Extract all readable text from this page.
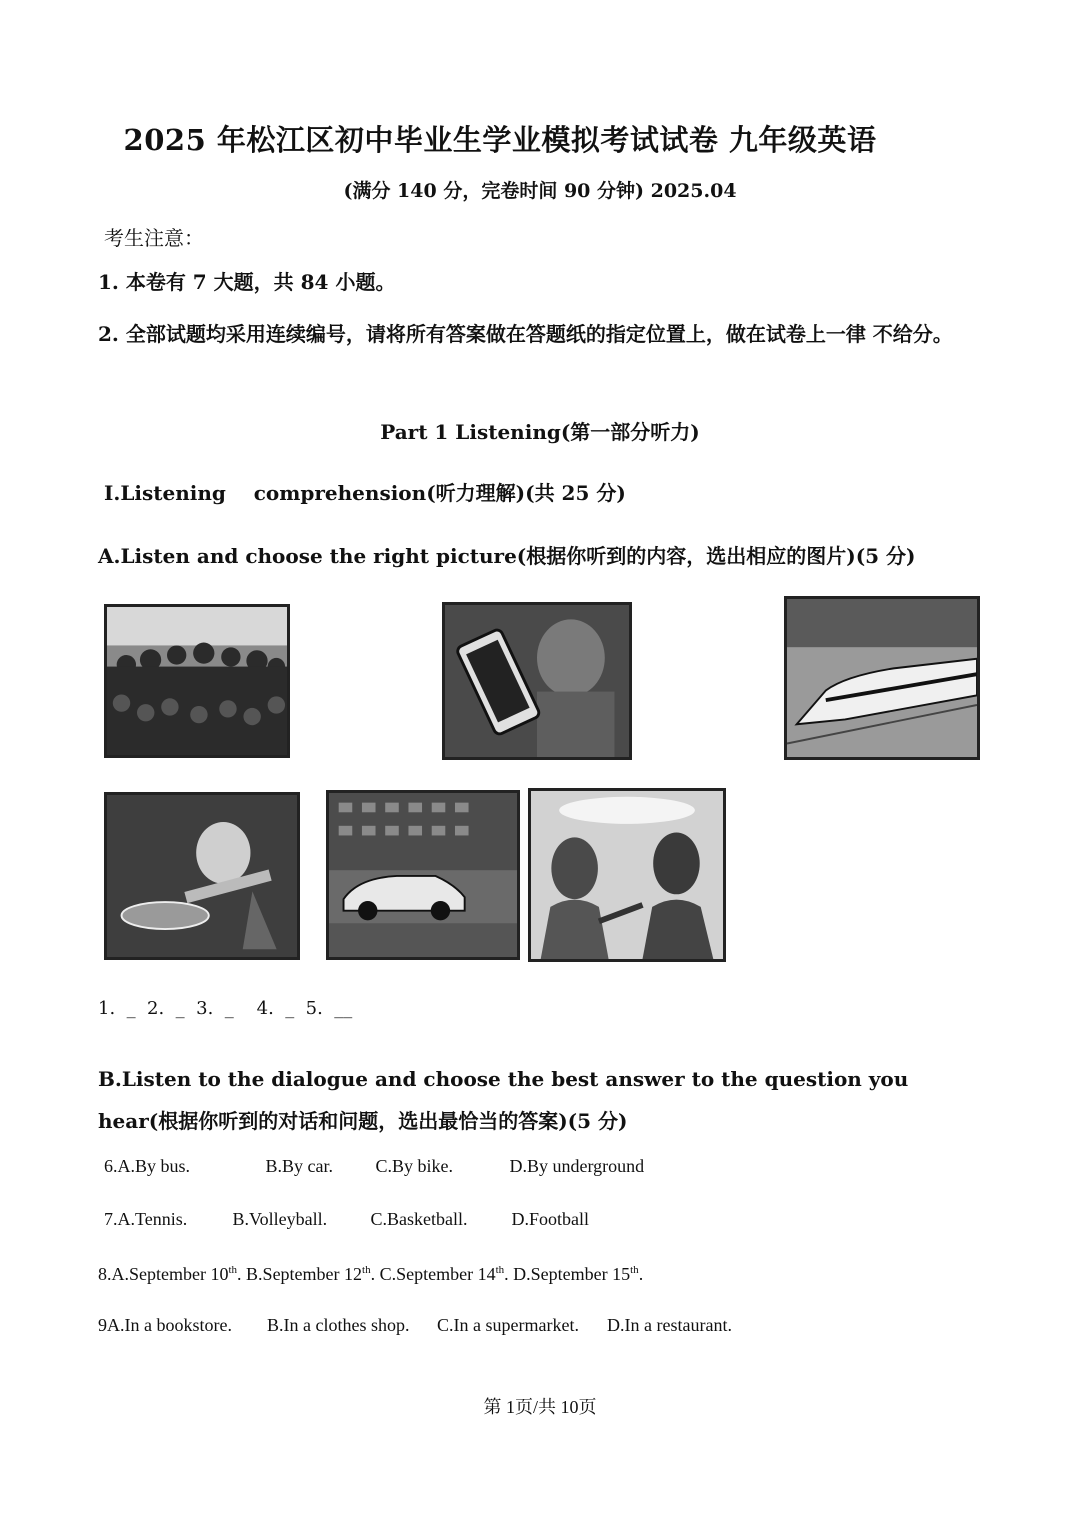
2025 年松江区初中毕业生学业模拟考试试卷 九年级英语
(满分 140 分，完卷时间 90 分钟) 2025.04
考生注意：
1. 本卷有 7 大题，共 84 小题。
2. 全部试题均采用连续编号，请将所有答案做在答题纸的指定位置上，做在试卷上一律 不给分。
Part 1 Listening(第一部分听力)
I.Listening    comprehension(听力理解)(共 25 分)
A.Listen and choose the right picture(根据你听到的内容，选出相应的图片)(5 分)
1.  _  2.  _  3.  _    4.  _  5.  __
B.Listen to the dialogue and choose the best answer to the question you hear(根据你听到的对话和问题，选出最恰当的答案)(5 分)
6.A.By bus.	B.By car. C.By bike.	D.By underground
7.A.Tennis.	B.Volleyball. C.Basketball. D.Football
8.A.September 10th. B.September 12th. C.September 14th. D.September 15th.
9A.In a bookstore. B.In a clothes shop. C.In a supermarket. D.In a restaurant.
第 1页/共 10页
